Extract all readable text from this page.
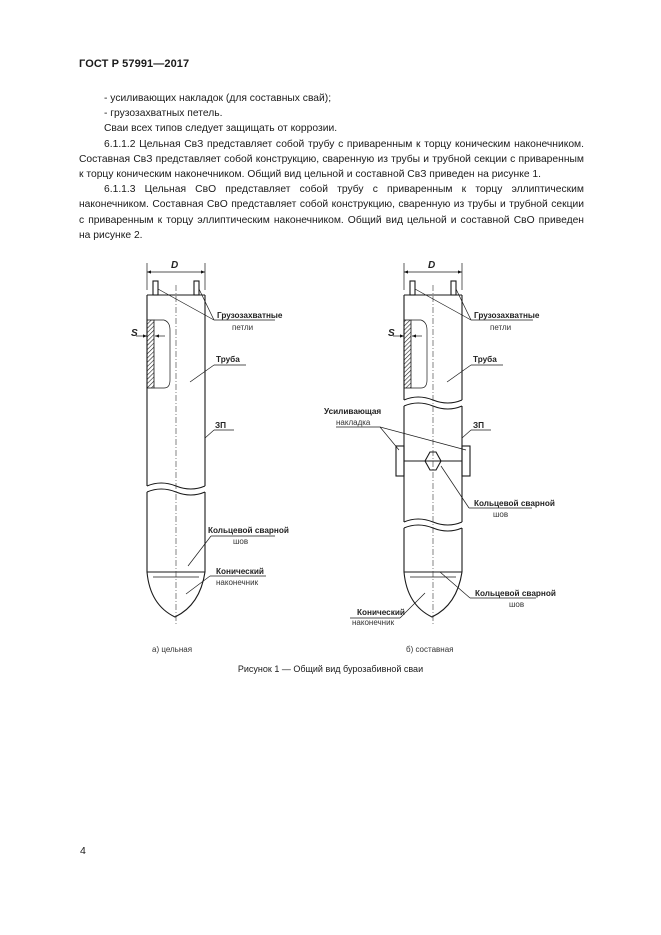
ГОСТ Р 57991—2017

- усиливающих накладок (для составных свай);

- грузозахватных петель.

Сваи всех типов следует защищать от коррозии.

6.1.1.2 Цельная СвЗ представляет собой трубу с приваренным к торцу коническим наконечником. Составная СвЗ представляет собой конструкцию, сваренную из трубы и трубной секции с приваренным к торцу коническим наконечником. Общий вид цельной и составной СвЗ приведен на рисунке 1.

6.1.1.3 Цельная СвО представляет собой трубу с приваренным к торцу эллиптическим наконечником. Составная СвО представляет собой конструкцию, сваренную из трубы и трубной секции с приваренным к торцу эллиптическим наконечником. Общий вид цельной и составной СвО приведен на рисунке 2.

D
S
Грузозахватные
петли
Труба
ЗП
Кольцевой сварной
шов
Конический
наконечник
D
S
Грузозахватные
петли
Труба
Усиливающая
накладка	ЗП
Кольцевой сварной
шов
Кольцевой сварной
шов
Конический
наконечник
а) цельная	б) составная
Рисунок 1 — Общий вид бурозабивной сваи
4
